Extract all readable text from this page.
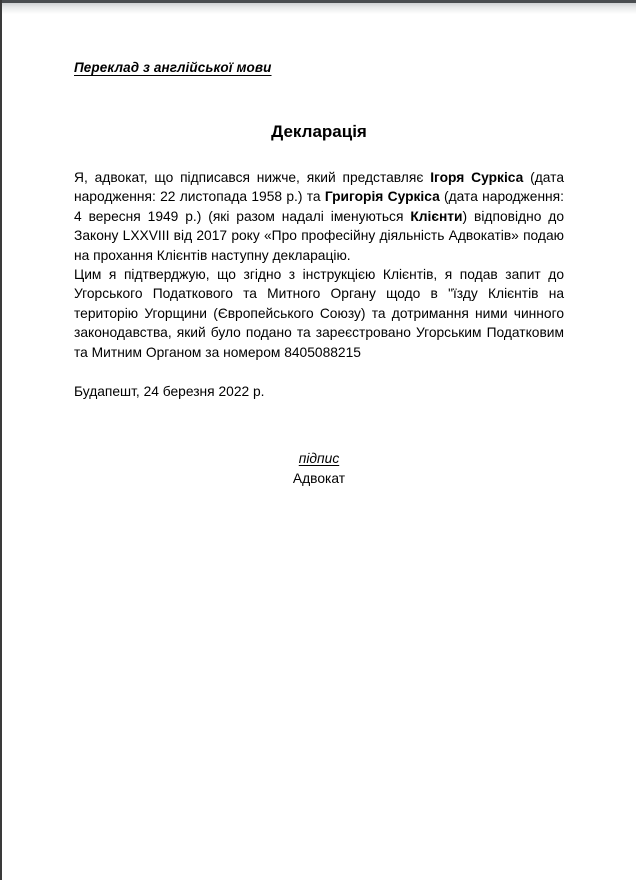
Переклад з англійської мови
Декларація

Я, адвокат, що підписався нижче, який представляє Ігоря Суркіса (дата народження: 22 листопада 1958 р.) та Григорія Суркіса (дата народження: 4 вересня 1949 р.) (які разом надалі іменуються Клієнти) відповідно до Закону LXXVIII від 2017 року «Про професійну діяльність Адвокатів» подаю на прохання Клієнтів наступну декларацію.

Цим я підтверджую, що згідно з інструкцією Клієнтів, я подав запит до Угорського Податкового та Митного Органу щодо в "їзду Клієнтів на територію Угорщини (Європейського Союзу) та дотримання ними чинного законодавства, який було подано та зареєстровано Угорським Податковим та Митним Органом за номером 8405088215

Будапешт, 24 березня 2022 р.
підпис
Адвокат
